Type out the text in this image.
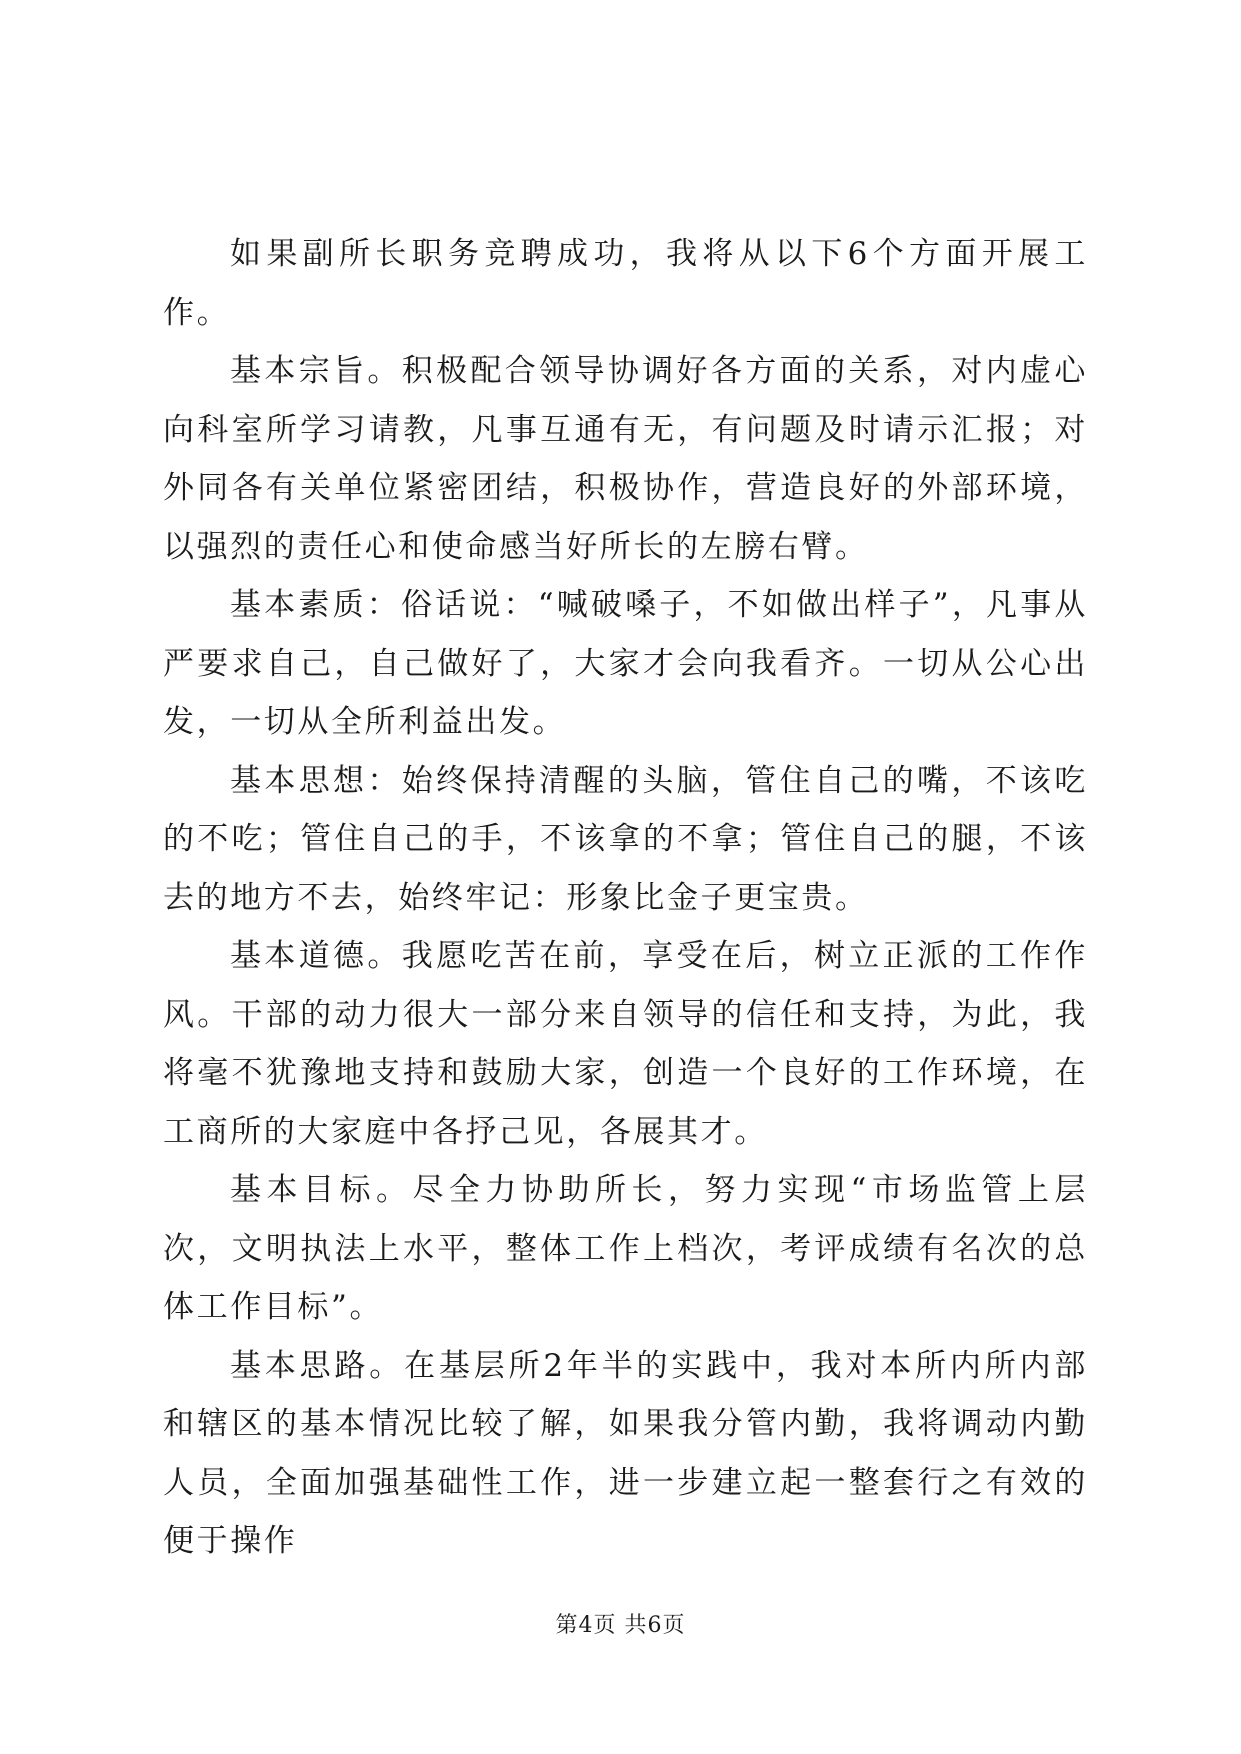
如果副所长职务竞聘成功，我将从以下6个方面开展工作。

基本宗旨。积极配合领导协调好各方面的关系，对内虚心向科室所学习请教，凡事互通有无，有问题及时请示汇报；对外同各有关单位紧密团结，积极协作，营造良好的外部环境，以强烈的责任心和使命感当好所长的左膀右臂。

基本素质：俗话说：“喊破嗓子，不如做出样子”，凡事从严要求自己，自己做好了，大家才会向我看齐。一切从公心出发，一切从全所利益出发。

基本思想：始终保持清醒的头脑，管住自己的嘴，不该吃的不吃；管住自己的手，不该拿的不拿；管住自己的腿，不该去的地方不去，始终牢记：形象比金子更宝贵。

基本道德。我愿吃苦在前，享受在后，树立正派的工作作风。干部的动力很大一部分来自领导的信任和支持，为此，我将毫不犹豫地支持和鼓励大家，创造一个良好的工作环境，在工商所的大家庭中各抒己见，各展其才。

基本目标。尽全力协助所长，努力实现“市场监管上层次，文明执法上水平，整体工作上档次，考评成绩有名次的总体工作目标”。

基本思路。在基层所2年半的实践中，我对本所内所内部和辖区的基本情况比较了解，如果我分管内勤，我将调动内勤人员，全面加强基础性工作，进一步建立起一整套行之有效的便于操作

第4页 共6页
